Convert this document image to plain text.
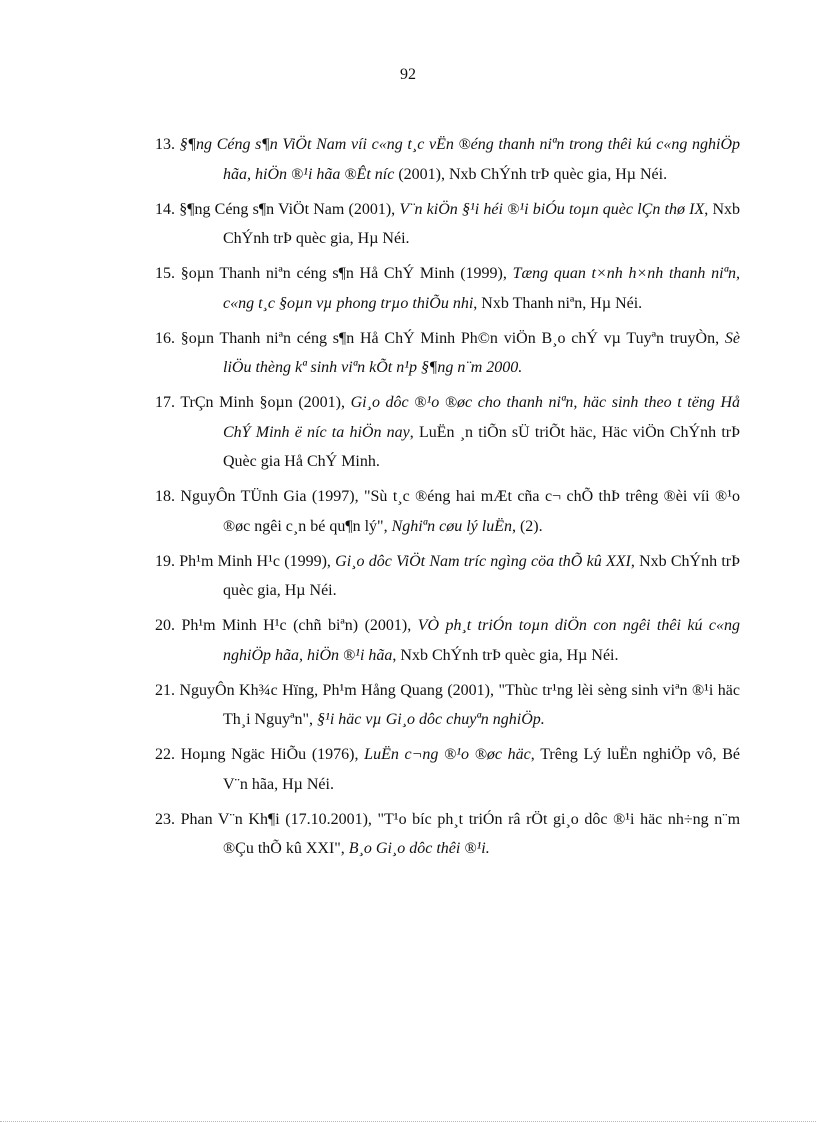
92
13. §¶ng Céng s¶n ViÖt Nam víi c«ng t¸c vËn ®éng thanh niªn trong thêi kú c«ng nghiÖp hãa, hiÖn ®¹i hãa ®Êt níc (2001), Nxb ChÝnh trÞ quèc gia, Hµ Néi.
14. §¶ng Céng s¶n ViÖt Nam (2001), V¨n kiÖn §¹i héi ®¹i biÓu toµn quèc lÇn thø IX, Nxb ChÝnh trÞ quèc gia, Hµ Néi.
15. §oµn Thanh niªn céng s¶n Hå ChÝ Minh (1999), Tæng quan t×nh h×nh thanh niªn, c«ng t¸c §oµn vµ phong trµo thiÕu nhi, Nxb Thanh niªn, Hµ Néi.
16. §oµn Thanh niªn céng s¶n Hå ChÝ Minh Ph©n viÖn B¸o chÝ vµ Tuyªn truyÒn, Sè liÖu thèng kª sinh viªn kÕt n¹p §¶ng n¨m 2000.
17. TrÇn Minh §oµn (2001), Gi¸o dôc ®¹o ®øc cho thanh niªn, häc sinh theo t tëng Hå ChÝ Minh ë níc ta hiÖn nay, LuËn ¸n tiÕn sÜ triÕt häc, Häc viÖn ChÝnh trÞ Quèc gia Hå ChÝ Minh.
18. NguyÔn TÜnh Gia (1997), "Sù t¸c ®éng hai mÆt cña c¬ chÕ thÞ trêng ®èi víi ®¹o ®øc ngêi c¸n bé qu¶n lý", Nghiªn cøu lý luËn, (2).
19. Ph¹m Minh H¹c (1999), Gi¸o dôc ViÖt Nam tríc ngìng cöa thÕ kû XXI, Nxb ChÝnh trÞ quèc gia, Hµ Néi.
20. Ph¹m Minh H¹c (chñ biªn) (2001), VÒ ph¸t triÓn toµn diÖn con ngêi thêi kú c«ng nghiÖp hãa, hiÖn ®¹i hãa, Nxb ChÝnh trÞ quèc gia, Hµ Néi.
21. NguyÔn Kh¾c Hïng, Ph¹m Hång Quang (2001), "Thùc tr¹ng lèi sèng sinh viªn ®¹i häc Th¸i Nguyªn", §¹i häc vµ Gi¸o dôc chuyªn nghiÖp.
22. Hoµng Ngäc HiÕu (1976), LuËn c¬ng ®¹o ®øc häc, Trêng Lý luËn nghiÖp vô, Bé V¨n hãa, Hµ Néi.
23. Phan V¨n Kh¶i (17.10.2001), "T¹o bíc ph¸t triÓn râ rÖt gi¸o dôc ®¹i häc nh÷ng n¨m ®Çu thÕ kû XXI", B¸o Gi¸o dôc thêi ®¹i.
